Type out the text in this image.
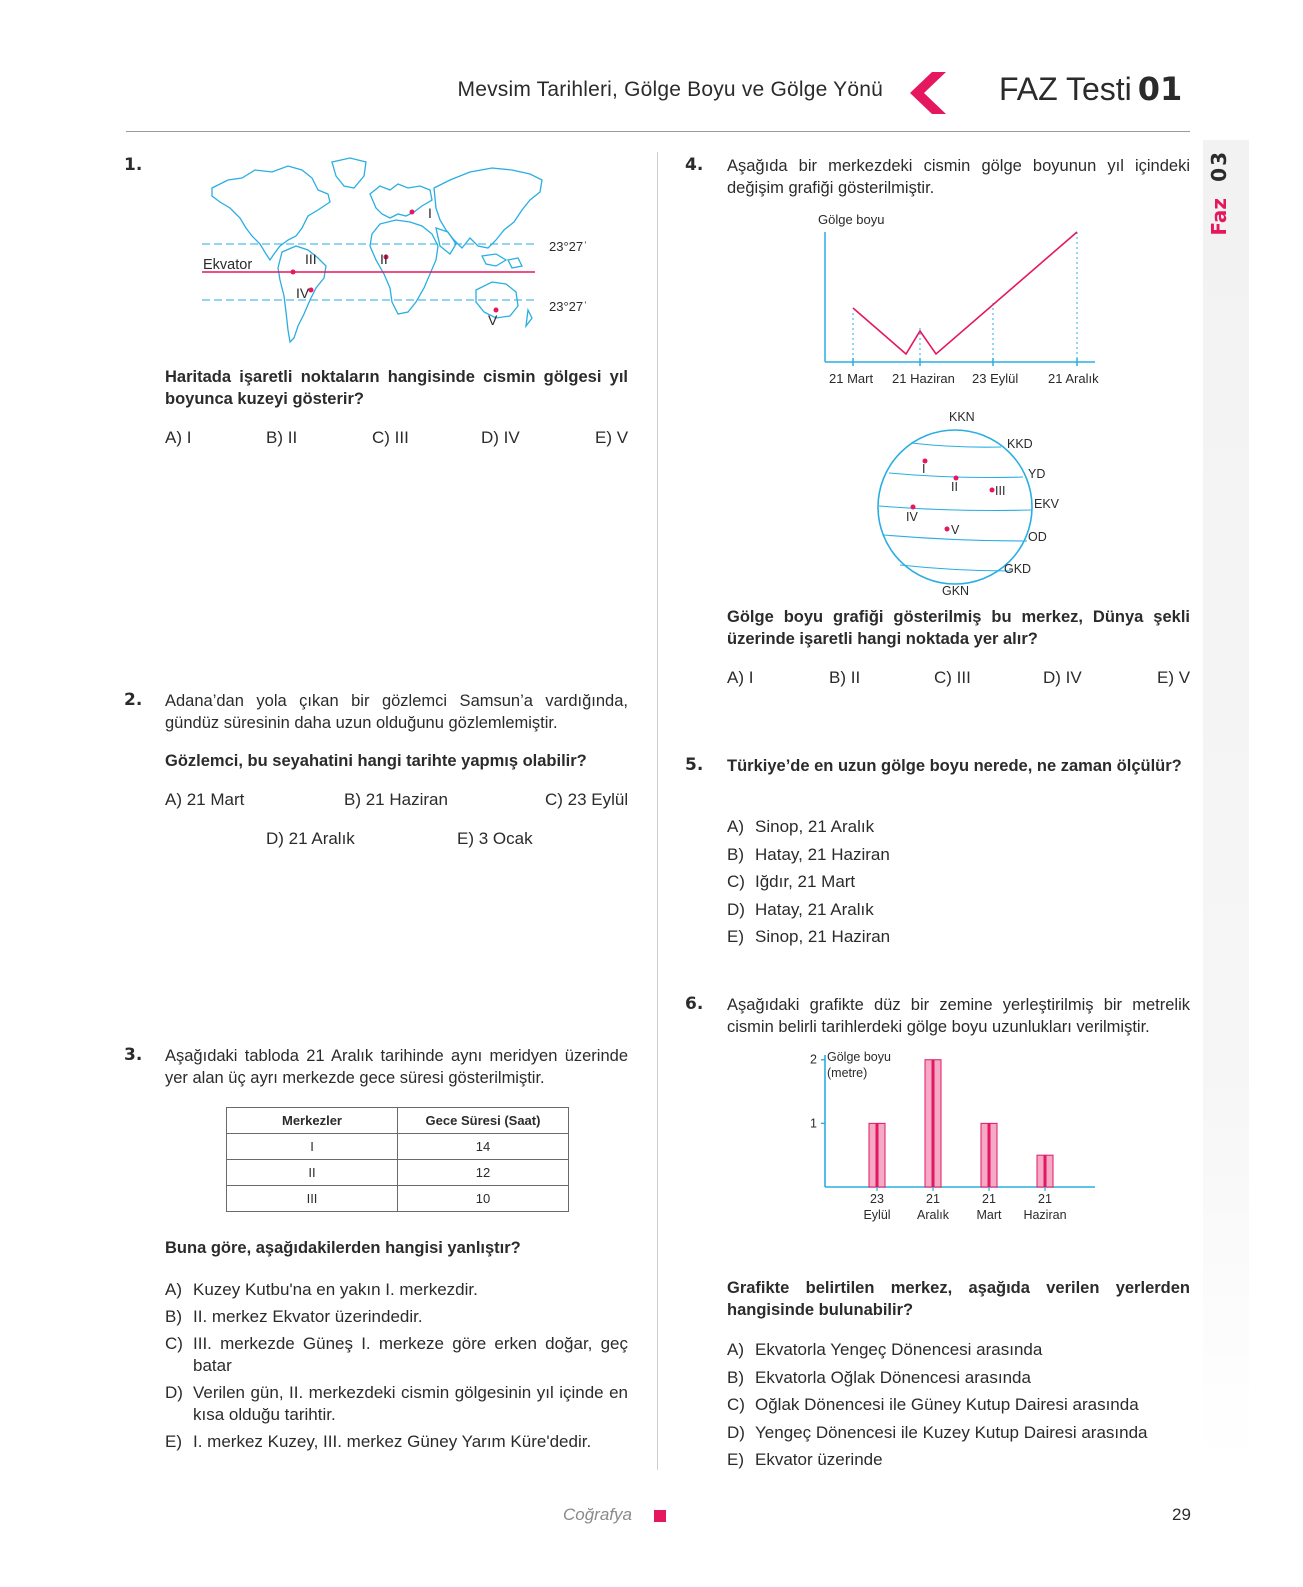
Mevsim Tarihleri, Gölge Boyu ve Gölge Yönü	FAZ Testi 01
03
Faz
1.
Ekvator
23°27ˈ
23°27ˈ
I
II
III
IV
V
Haritada işaretli noktaların hangisinde cismin gölgesi yıl boyunca kuzeyi gösterir?
A) I	B) II	C) III	D) IV	E) V
2. Adana’dan yola çıkan bir gözlemci Samsun’a vardığında, gündüz süresinin daha uzun olduğunu gözlemlemiştir.
Gözlemci, bu seyahatini hangi tarihte yapmış olabilir?
A) 21 Mart	B) 21 Haziran	C) 23 Eylül
D) 21 Aralık	E) 3 Ocak
3. Aşağıdaki tabloda 21 Aralık tarihinde aynı meridyen üzerinde yer alan üç ayrı merkezde gece süresi gösterilmiştir.
Merkezler	Gece Süresi (Saat)
I	14
II	12
III	10
Buna göre, aşağıdakilerden hangisi yanlıştır?
A) Kuzey Kutbu'na en yakın I. merkezdir.
B) II. merkez Ekvator üzerindedir.
C) III. merkezde Güneş I. merkeze göre erken doğar, geç batar
D) Verilen gün, II. merkezdeki cismin gölgesinin yıl içinde en kısa olduğu tarihtir.
E) I. merkez Kuzey, III. merkez Güney Yarım Küre'dedir.
4. Aşağıda bir merkezdeki cismin gölge boyunun yıl içindeki değişim grafiği gösterilmiştir.
Gölge boyu
21 Mart 21 Haziran 23 Eylül 21 Aralık
KKN
KKD
YD
EKV
OD
GKD
GKN
I
II	III
IV
V
Gölge boyu grafiği gösterilmiş bu merkez, Dünya şekli üzerinde işaretli hangi noktada yer alır?
A) I	B) II	C) III	D) IV	E) V
5. Türkiye’de en uzun gölge boyu nerede, ne zaman ölçülür?
A) Sinop, 21 Aralık
B) Hatay, 21 Haziran
C) Iğdır, 21 Mart
D) Hatay, 21 Aralık
E) Sinop, 21 Haziran
6. Aşağıdaki grafikte düz bir zemine yerleştirilmiş bir metrelik cismin belirli tarihlerdeki gölge boyu uzunlukları verilmiştir.
Gölge boyu
(metre)
1
2
23
Eylül
21
Aralık
21
Mart
21
Haziran
Grafikte belirtilen merkez, aşağıda verilen yerlerden hangisinde bulunabilir?
A) Ekvatorla Yengeç Dönencesi arasında
B) Ekvatorla Oğlak Dönencesi arasında
C) Oğlak Dönencesi ile Güney Kutup Dairesi arasında
D) Yengeç Dönencesi ile Kuzey Kutup Dairesi arasında
E) Ekvator üzerinde
Coğrafya	29
